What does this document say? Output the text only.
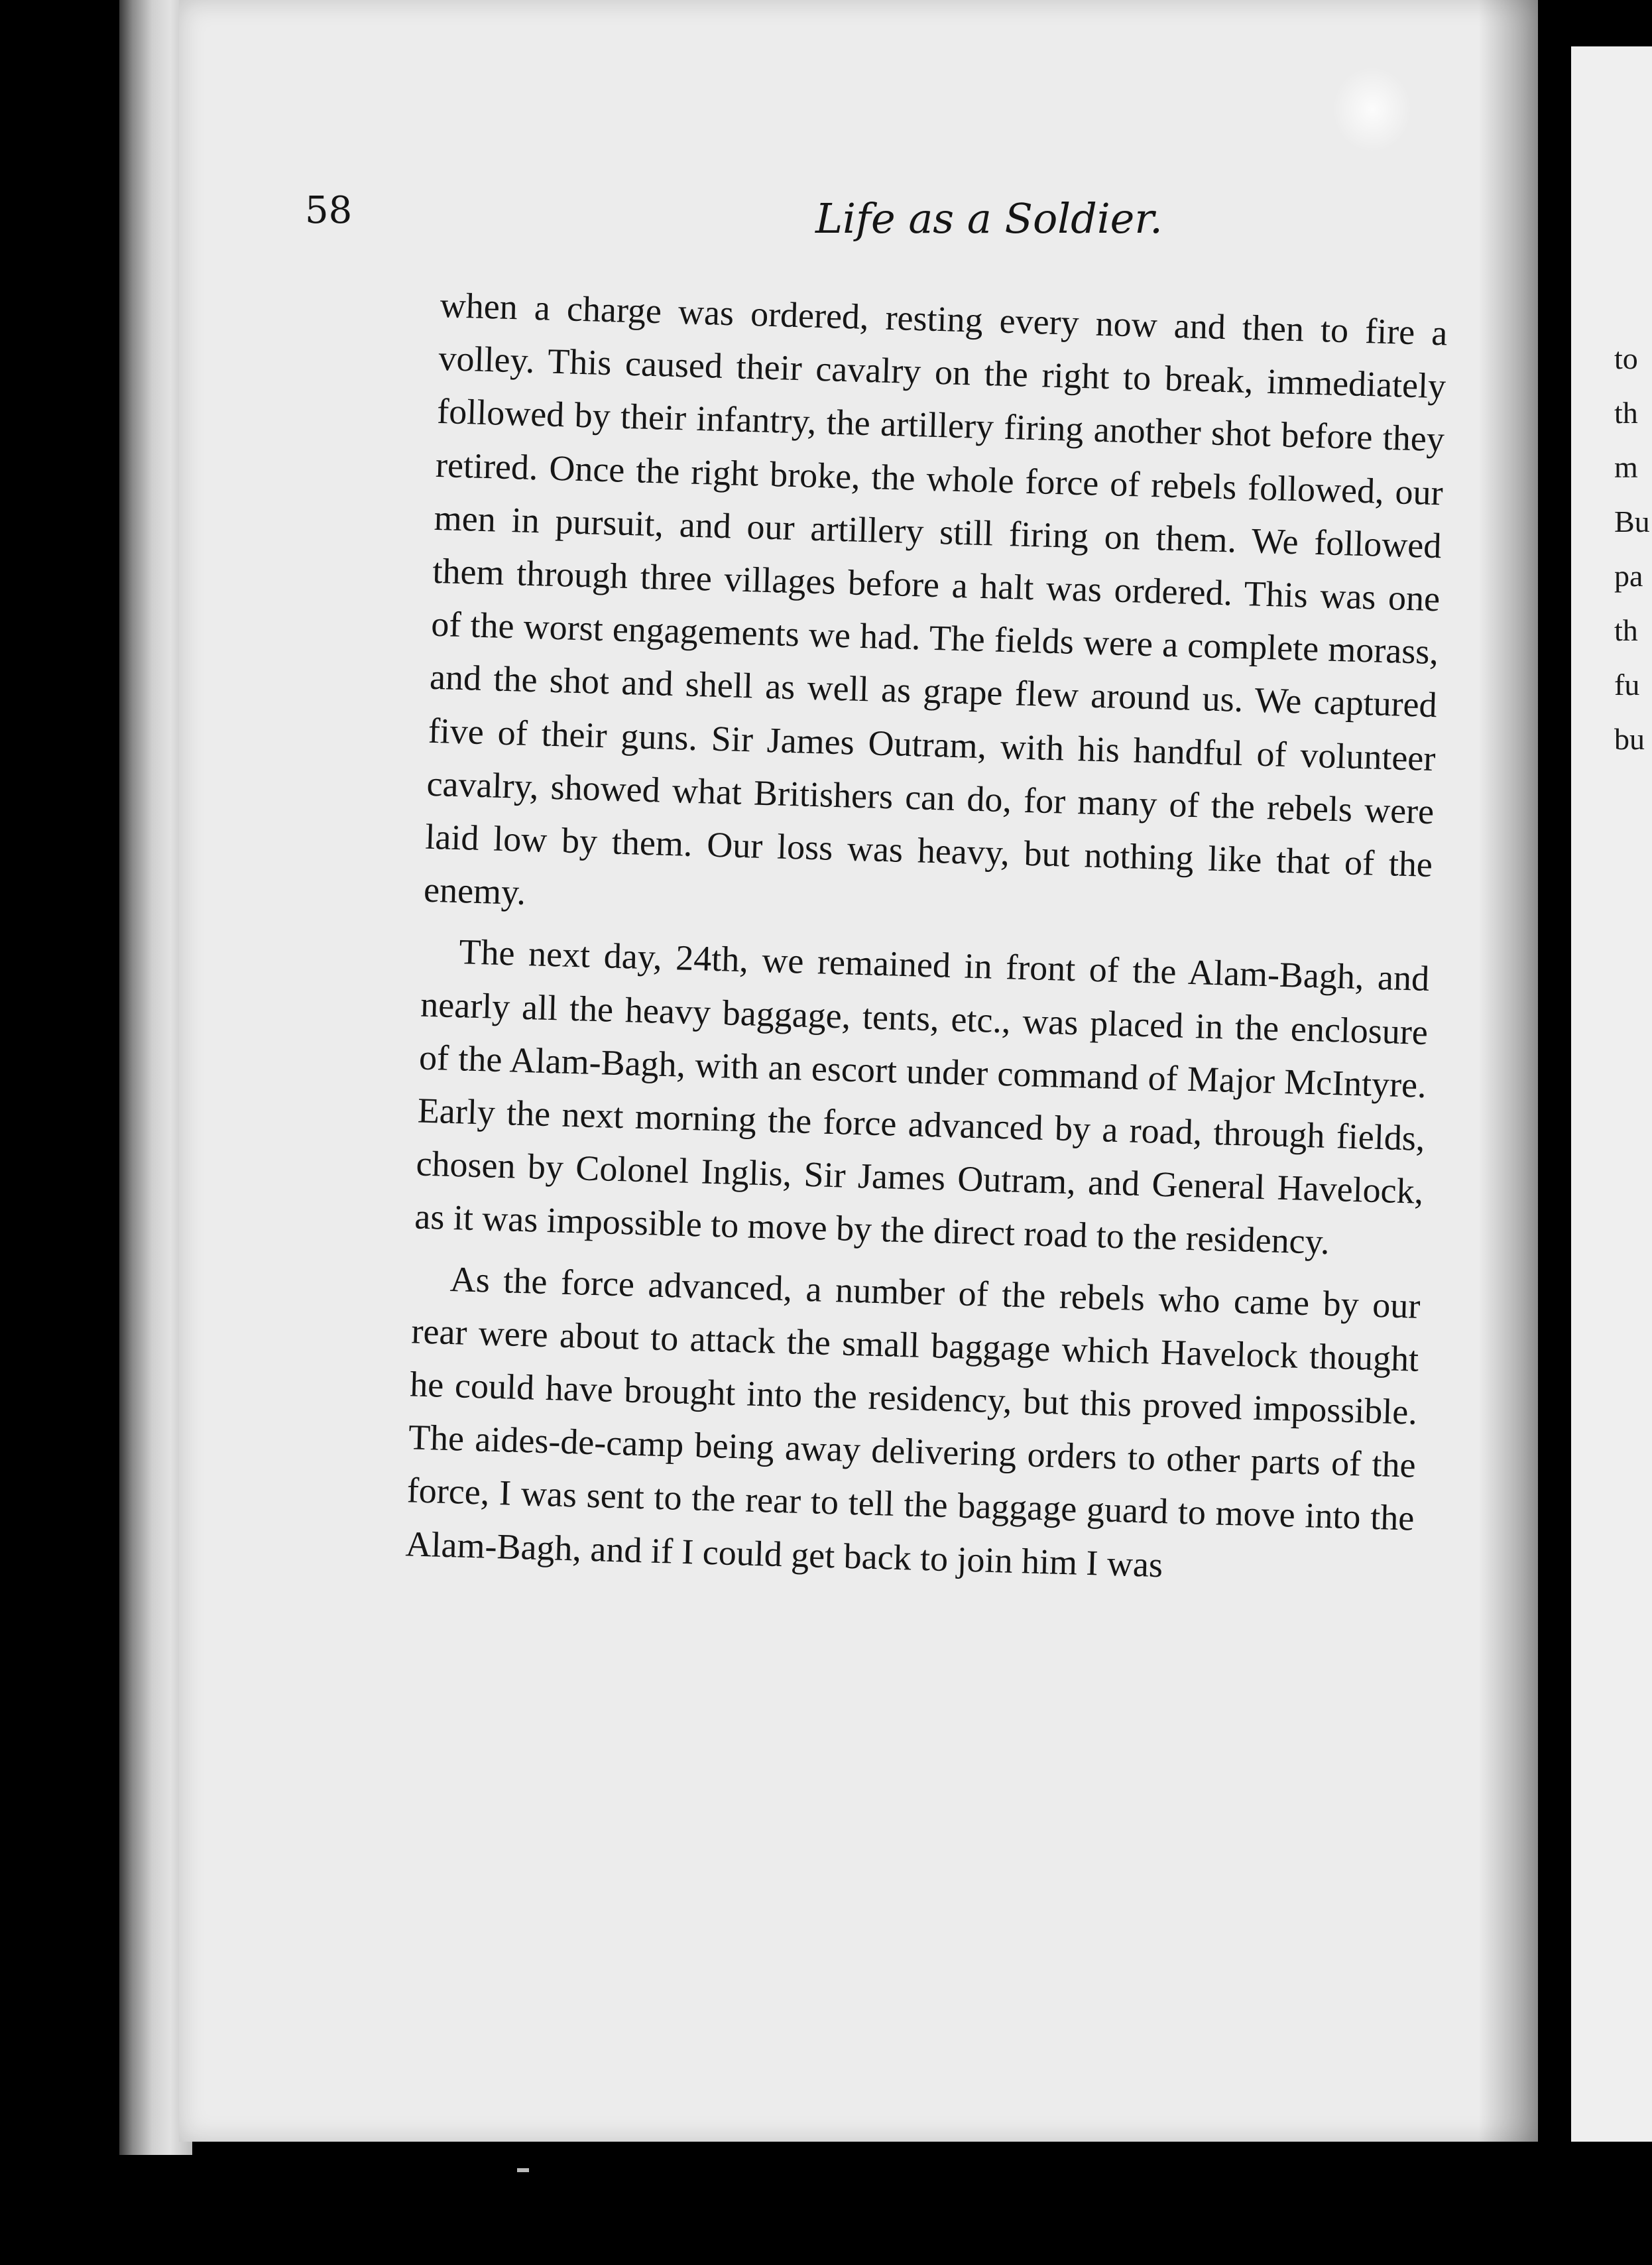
58	Life as a Soldier.

when a charge was ordered, resting every now and then to fire a volley. This caused their cavalry on the right to break, immediately followed by their infantry, the artillery firing another shot before they retired. Once the right broke, the whole force of rebels followed, our men in pursuit, and our artillery still firing on them. We followed them through three villages before a halt was ordered. This was one of the worst engagements we had. The fields were a complete morass, and the shot and shell as well as grape flew around us. We captured five of their guns. Sir James Outram, with his handful of volunteer cavalry, showed what Britishers can do, for many of the rebels were laid low by them. Our loss was heavy, but nothing like that of the enemy.

The next day, 24th, we remained in front of the Alam-Bagh, and nearly all the heavy baggage, tents, etc., was placed in the enclosure of the Alam-Bagh, with an escort under command of Major McIntyre. Early the next morning the force advanced by a road, through fields, chosen by Colonel Inglis, Sir James Outram, and General Havelock, as it was impossible to move by the direct road to the residency.

As the force advanced, a number of the rebels who came by our rear were about to attack the small baggage which Havelock thought he could have brought into the residency, but this proved impossible. The aides-de-camp being away delivering orders to other parts of the force, I was sent to the rear to tell the baggage guard to move into the Alam-Bagh, and if I could get back to join him I was

to
th
m
Bu
pa
th
fu
bu
